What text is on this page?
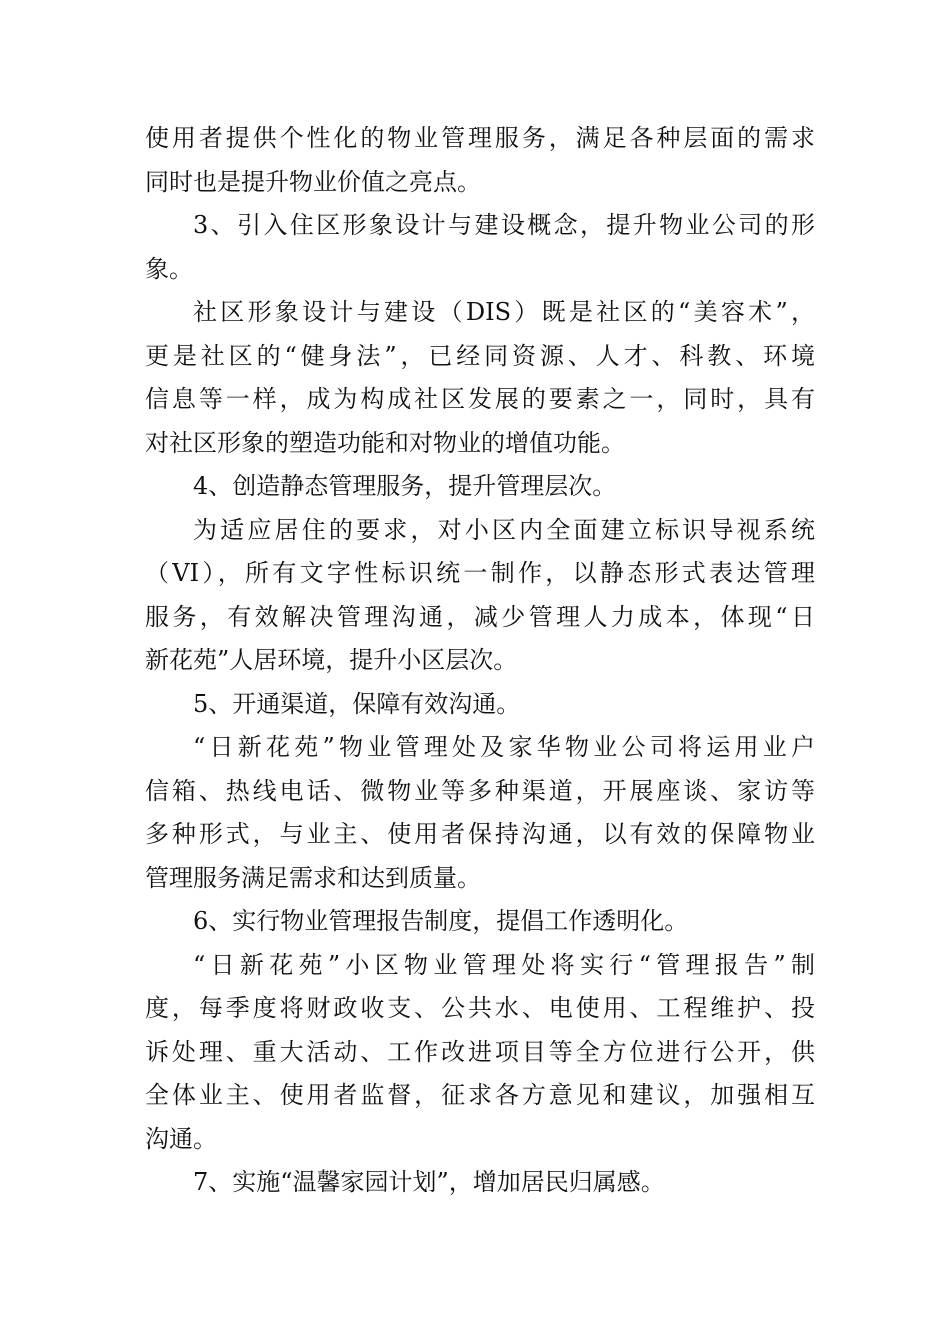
使用者提供个性化的物业管理服务，满足各种层面的需求
同时也是提升物业价值之亮点。
3、引入住区形象设计与建设概念，提升物业公司的形
象。
社区形象设计与建设（DIS）既是社区的“美容术”，
更是社区的“健身法”，已经同资源、人才、科教、环境
信息等一样，成为构成社区发展的要素之一，同时，具有
对社区形象的塑造功能和对物业的增值功能。
4、创造静态管理服务，提升管理层次。
为适应居住的要求，对小区内全面建立标识导视系统
（VI），所有文字性标识统一制作，以静态形式表达管理
服务，有效解决管理沟通，减少管理人力成本，体现“日
新花苑”人居环境，提升小区层次。
5、开通渠道，保障有效沟通。
“日新花苑”物业管理处及家华物业公司将运用业户
信箱、热线电话、微物业等多种渠道，开展座谈、家访等
多种形式，与业主、使用者保持沟通，以有效的保障物业
管理服务满足需求和达到质量。
6、实行物业管理报告制度，提倡工作透明化。
“日新花苑”小区物业管理处将实行“管理报告”制
度，每季度将财政收支、公共水、电使用、工程维护、投
诉处理、重大活动、工作改进项目等全方位进行公开，供
全体业主、使用者监督，征求各方意见和建议，加强相互
沟通。
7、实施“温馨家园计划”，增加居民归属感。
